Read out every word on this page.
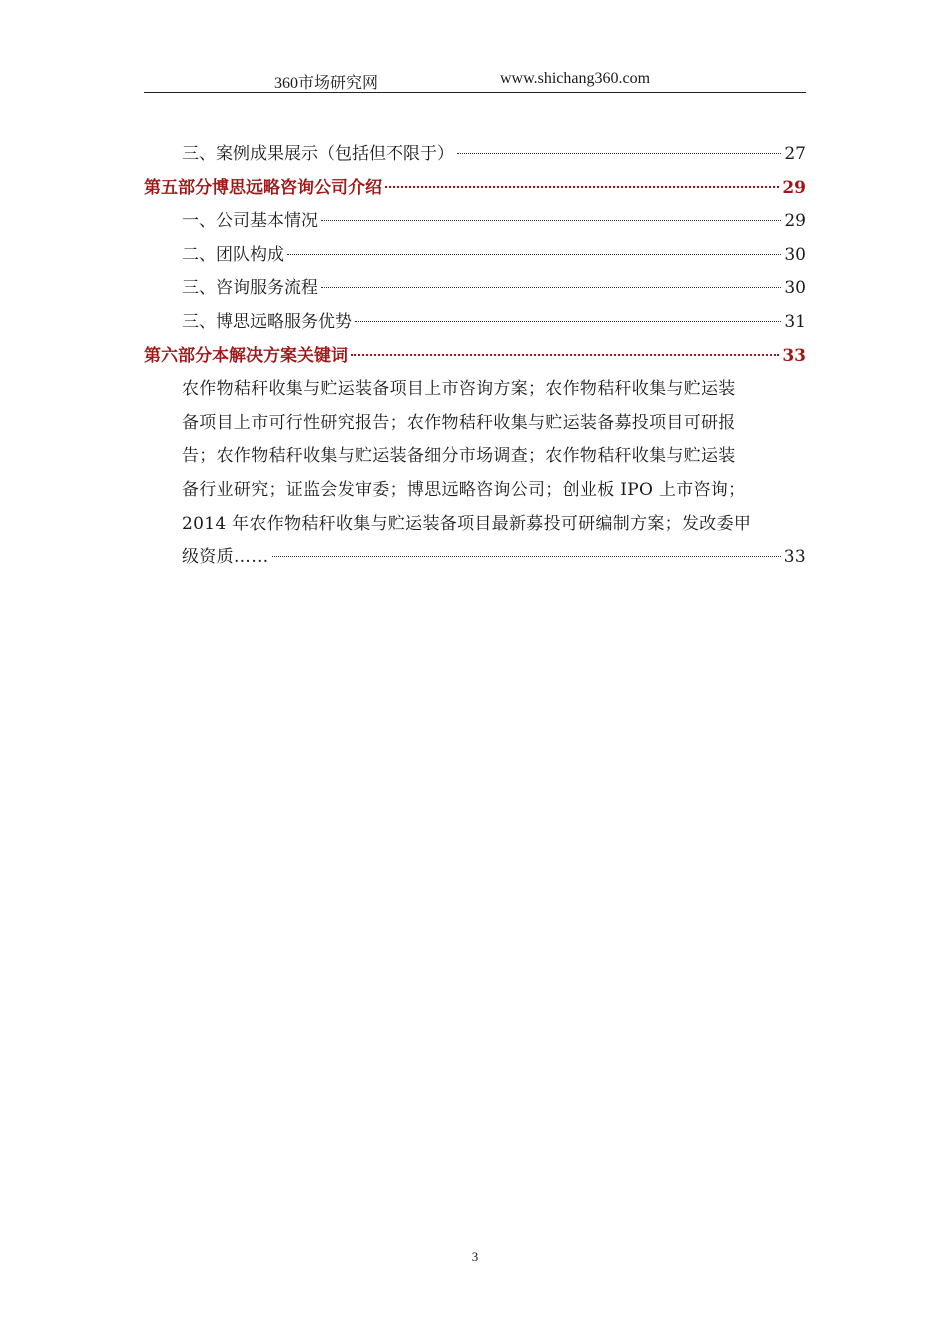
360市场研究网	www.shichang360.com
三、案例成果展示（包括但不限于）	27
第五部分博思远略咨询公司介绍	29
一、公司基本情况	29
二、团队构成	30
三、咨询服务流程	30
三、博思远略服务优势	31
第六部分本解决方案关键词	33
农作物秸秆收集与贮运装备项目上市咨询方案；农作物秸秆收集与贮运装
备项目上市可行性研究报告；农作物秸秆收集与贮运装备募投项目可研报
告；农作物秸秆收集与贮运装备细分市场调查；农作物秸秆收集与贮运装
备行业研究；证监会发审委；博思远略咨询公司；创业板 IPO 上市咨询；
2014 年农作物秸秆收集与贮运装备项目最新募投可研编制方案；发改委甲
级资质……	33
3
